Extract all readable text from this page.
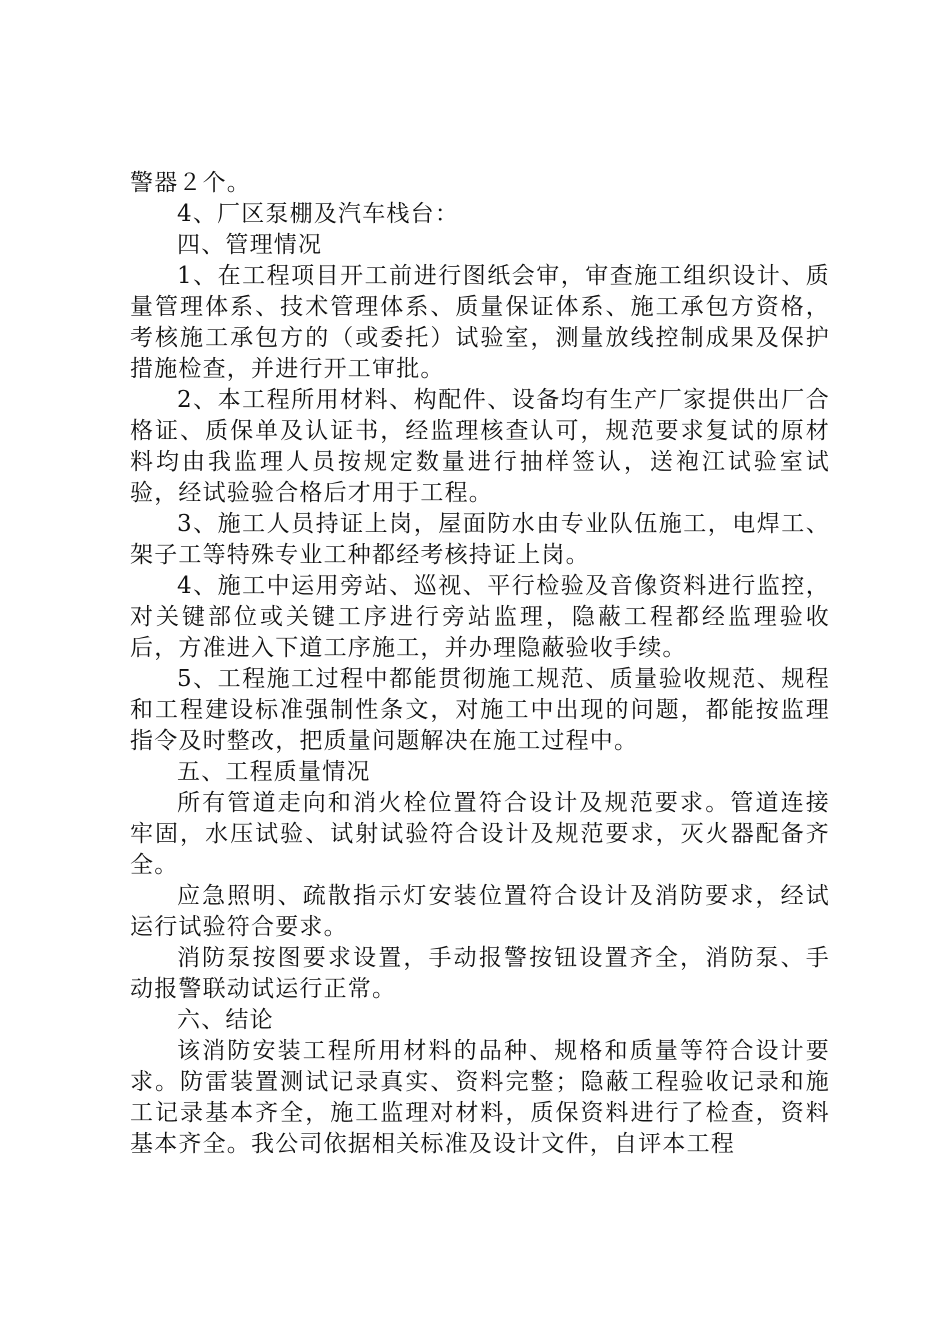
警器２个。

4、厂区泵棚及汽车栈台：

四、管理情况

1、在工程项目开工前进行图纸会审，审查施工组织设计、质量管理体系、技术管理体系、质量保证体系、施工承包方资格，考核施工承包方的（或委托）试验室，测量放线控制成果及保护措施检查，并进行开工审批。

2、本工程所用材料、构配件、设备均有生产厂家提供出厂合格证、质保单及认证书，经监理核查认可，规范要求复试的原材料均由我监理人员按规定数量进行抽样签认，送袍江试验室试验，经试验验合格后才用于工程。

3、施工人员持证上岗，屋面防水由专业队伍施工，电焊工、架子工等特殊专业工种都经考核持证上岗。

4、施工中运用旁站、巡视、平行检验及音像资料进行监控，对关键部位或关键工序进行旁站监理，隐蔽工程都经监理验收后，方准进入下道工序施工，并办理隐蔽验收手续。

5、工程施工过程中都能贯彻施工规范、质量验收规范、规程和工程建设标准强制性条文，对施工中出现的问题，都能按监理指令及时整改，把质量问题解决在施工过程中。

五、工程质量情况

所有管道走向和消火栓位置符合设计及规范要求。管道连接牢固，水压试验、试射试验符合设计及规范要求，灭火器配备齐全。

应急照明、疏散指示灯安装位置符合设计及消防要求，经试运行试验符合要求。

消防泵按图要求设置，手动报警按钮设置齐全，消防泵、手动报警联动试运行正常。

六、结论

该消防安装工程所用材料的品种、规格和质量等符合设计要求。防雷装置测试记录真实、资料完整；隐蔽工程验收记录和施工记录基本齐全，施工监理对材料，质保资料进行了检查，资料基本齐全。我公司依据相关标准及设计文件，自评本工程
